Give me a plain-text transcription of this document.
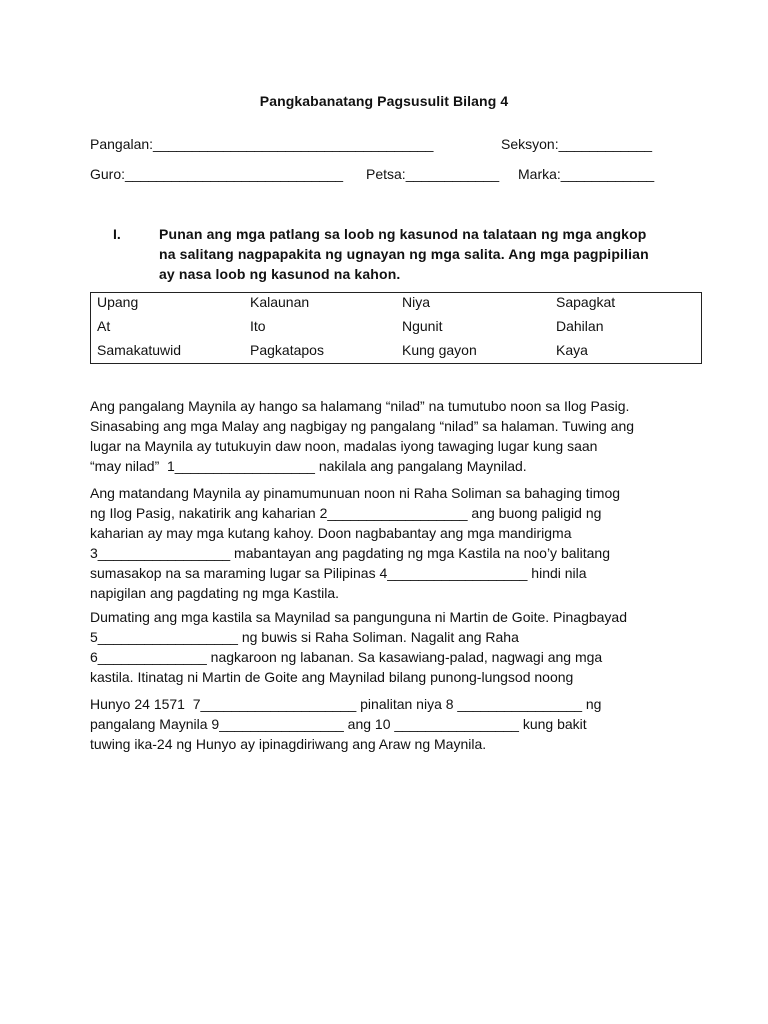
Pangkabanatang Pagsusulit Bilang 4
Pangalan:____________________________________	Seksyon:____________
Guro:____________________________ Petsa:____________ Marka:____________
I.	Punan ang mga patlang sa loob ng kasunod na talataan ng mga angkop
na salitang nagpapakita ng ugnayan ng mga salita. Ang mga pagpipilian
ay nasa loob ng kasunod na kahon.
Upang	Kalaunan	Niya	Sapagkat
At	Ito	Ngunit	Dahilan
Samakatuwid	Pagkatapos	Kung gayon	Kaya
Ang pangalang Maynila ay hango sa halamang “nilad” na tumutubo noon sa Ilog Pasig.
Sinasabing ang mga Malay ang nagbigay ng pangalang “nilad” sa halaman. Tuwing ang
lugar na Maynila ay tutukuyin daw noon, madalas iyong tawaging lugar kung saan
“may nilad”  1__________________ nakilala ang pangalang Maynilad.
Ang matandang Maynila ay pinamumunuan noon ni Raha Soliman sa bahaging timog
ng Ilog Pasig, nakatirik ang kaharian 2__________________ ang buong paligid ng
kaharian ay may mga kutang kahoy. Doon nagbabantay ang mga mandirigma
3_________________ mabantayan ang pagdating ng mga Kastila na noo’y balitang
sumasakop na sa maraming lugar sa Pilipinas 4__________________ hindi nila
napigilan ang pagdating ng mga Kastila.
Dumating ang mga kastila sa Maynilad sa pangunguna ni Martin de Goite. Pinagbayad
5__________________ ng buwis si Raha Soliman. Nagalit ang Raha
6______________ nagkaroon ng labanan. Sa kasawiang-palad, nagwagi ang mga
kastila. Itinatag ni Martin de Goite ang Maynilad bilang punong-lungsod noong
Hunyo 24 1571  7____________________ pinalitan niya 8 ________________ ng
pangalang Maynila 9________________ ang 10 ________________ kung bakit
tuwing ika-24 ng Hunyo ay ipinagdiriwang ang Araw ng Maynila.
